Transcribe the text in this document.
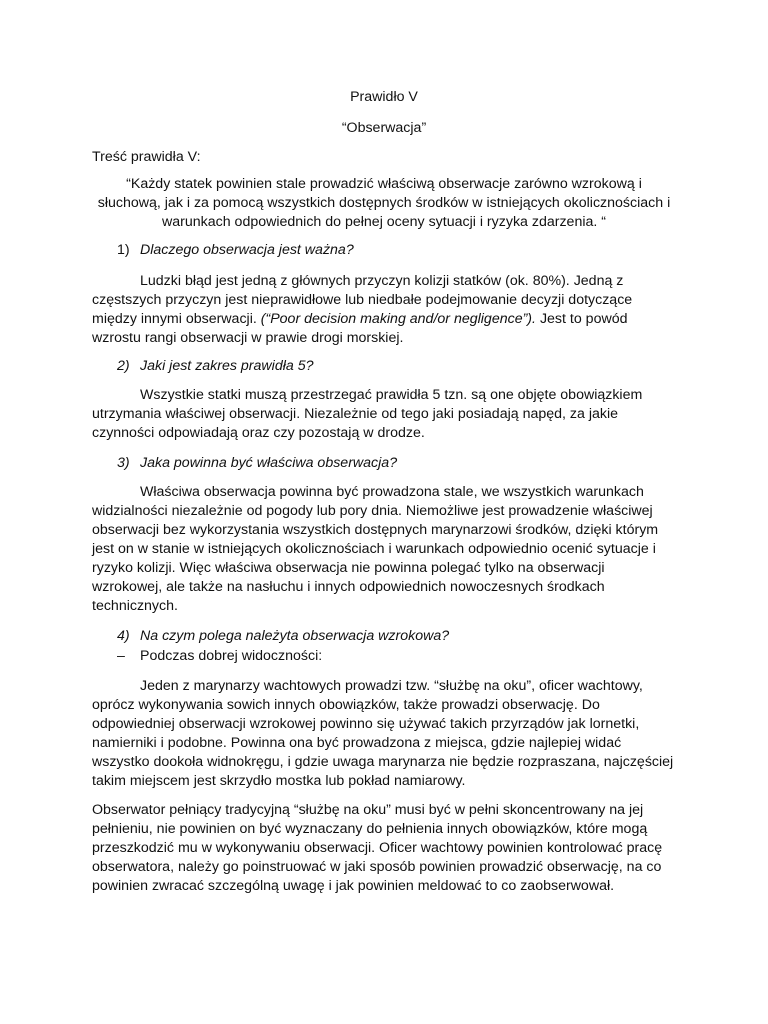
Prawidło V
“Obserwacja”
Treść prawidła V:
“Każdy statek powinien stale prowadzić właściwą obserwacje zarówno wzrokową i
słuchową, jak i za pomocą wszystkich dostępnych środków w istniejących okolicznościach i
warunkach odpowiednich do pełnej oceny sytuacji i ryzyka zdarzenia. “
1) Dlaczego obserwacja jest ważna?
Ludzki błąd jest jedną z głównych przyczyn kolizji statków (ok. 80%). Jedną z
częstszych przyczyn jest nieprawidłowe lub niedbałe podejmowanie decyzji dotyczące
między innymi obserwacji. (“Poor decision making and/or negligence”). Jest to powód
wzrostu rangi obserwacji w prawie drogi morskiej.
2) Jaki jest zakres prawidła 5?
Wszystkie statki muszą przestrzegać prawidła 5 tzn. są one objęte obowiązkiem
utrzymania właściwej obserwacji. Niezależnie od tego jaki posiadają napęd, za jakie
czynności odpowiadają oraz czy pozostają w drodze.
3) Jaka powinna być właściwa obserwacja?
Właściwa obserwacja powinna być prowadzona stale, we wszystkich warunkach
widzialności niezależnie od pogody lub pory dnia. Niemożliwe jest prowadzenie właściwej
obserwacji bez wykorzystania wszystkich dostępnych marynarzowi środków, dzięki którym
jest on w stanie w istniejących okolicznościach i warunkach odpowiednio ocenić sytuacje i
ryzyko kolizji. Więc właściwa obserwacja nie powinna polegać tylko na obserwacji
wzrokowej, ale także na nasłuchu i innych odpowiednich nowoczesnych środkach
technicznych.
4) Na czym polega należyta obserwacja wzrokowa?
– Podczas dobrej widoczności:
Jeden z marynarzy wachtowych prowadzi tzw. “służbę na oku”, oficer wachtowy,
oprócz wykonywania sowich innych obowiązków, także prowadzi obserwację. Do
odpowiedniej obserwacji wzrokowej powinno się używać takich przyrządów jak lornetki,
namierniki i podobne. Powinna ona być prowadzona z miejsca, gdzie najlepiej widać
wszystko dookoła widnokręgu, i gdzie uwaga marynarza nie będzie rozpraszana, najczęściej
takim miejscem jest skrzydło mostka lub pokład namiarowy.
Obserwator pełniący tradycyjną “służbę na oku” musi być w pełni skoncentrowany na jej
pełnieniu, nie powinien on być wyznaczany do pełnienia innych obowiązków, które mogą
przeszkodzić mu w wykonywaniu obserwacji. Oficer wachtowy powinien kontrolować pracę
obserwatora, należy go poinstruować w jaki sposób powinien prowadzić obserwację, na co
powinien zwracać szczególną uwagę i jak powinien meldować to co zaobserwował.
